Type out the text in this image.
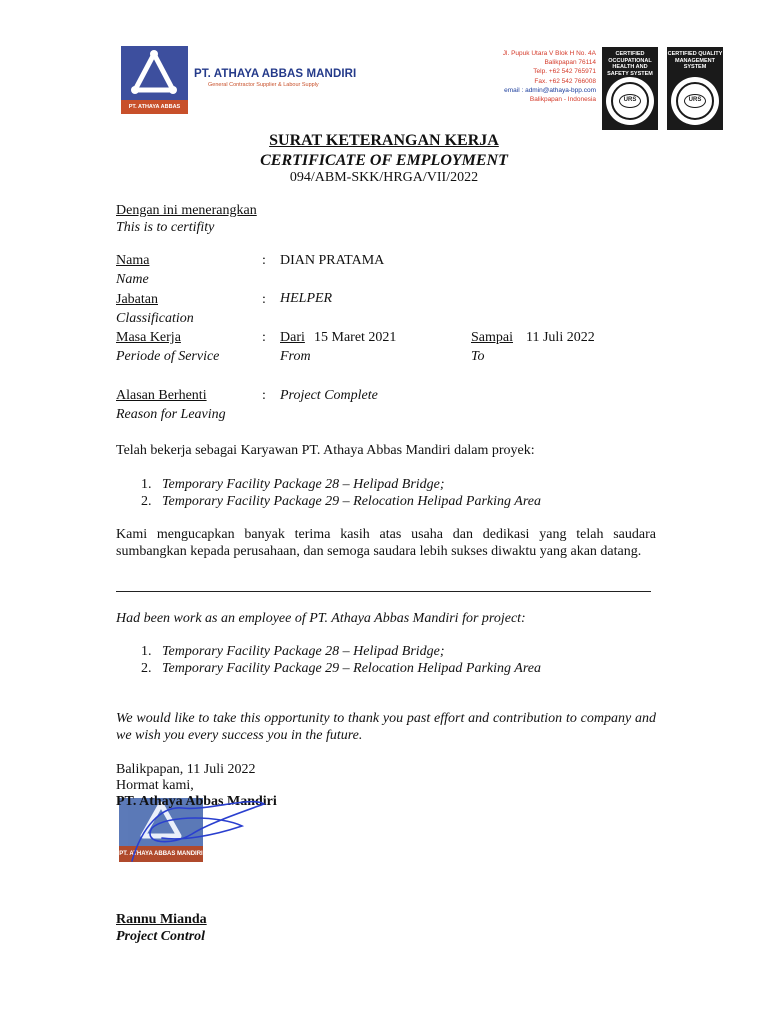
PT. ATHAYA ABBAS MANDIRI
PT. ATHAYA ABBAS MANDIRI
General Contractor Supplier & Labour Supply
Jl. Pupuk Utara V Blok H No. 4A
Balikpapan 76114
Telp. +62 542 765971
Fax. +62 542 766008
email : admin@athaya-bpp.com
Balikpapan - Indonesia
CERTIFIED OCCUPATIONAL HEALTH AND SAFETY SYSTEM
URS
CERTIFIED QUALITY MANAGEMENT SYSTEM
URS
SURAT KETERANGAN KERJA
CERTIFICATE OF EMPLOYMENT
094/ABM-SKK/HRGA/VII/2022
Dengan ini menerangkan
This is to certifity
Nama
Name
: DIAN PRATAMA
Jabatan
Classification
: HELPER
Masa Kerja
Periode of Service
: Dari
From
15 Maret 2021	Sampai
To
11 Juli 2022
Alasan Berhenti
Reason for Leaving
: Project Complete
Telah bekerja sebagai Karyawan PT. Athaya Abbas Mandiri dalam proyek:
1. Temporary Facility Package 28 – Helipad Bridge;
2. Temporary Facility Package 29 – Relocation Helipad Parking Area
Kami mengucapkan banyak terima kasih atas usaha dan dedikasi yang telah saudara sumbangkan kepada perusahaan, dan semoga saudara lebih sukses diwaktu yang akan datang.
Had been work as an employee of PT. Athaya Abbas Mandiri for project:
1. Temporary Facility Package 28 – Helipad Bridge;
2. Temporary Facility Package 29 – Relocation Helipad Parking Area
We would like to take this opportunity to thank you past effort and contribution to company and we wish you every success you in the future.
Balikpapan, 11 Juli 2022
Hormat kami,
PT. ATHAYA ABBAS MANDIRI
PT. Athaya Abbas Mandiri
Rannu Mianda
Project Control
